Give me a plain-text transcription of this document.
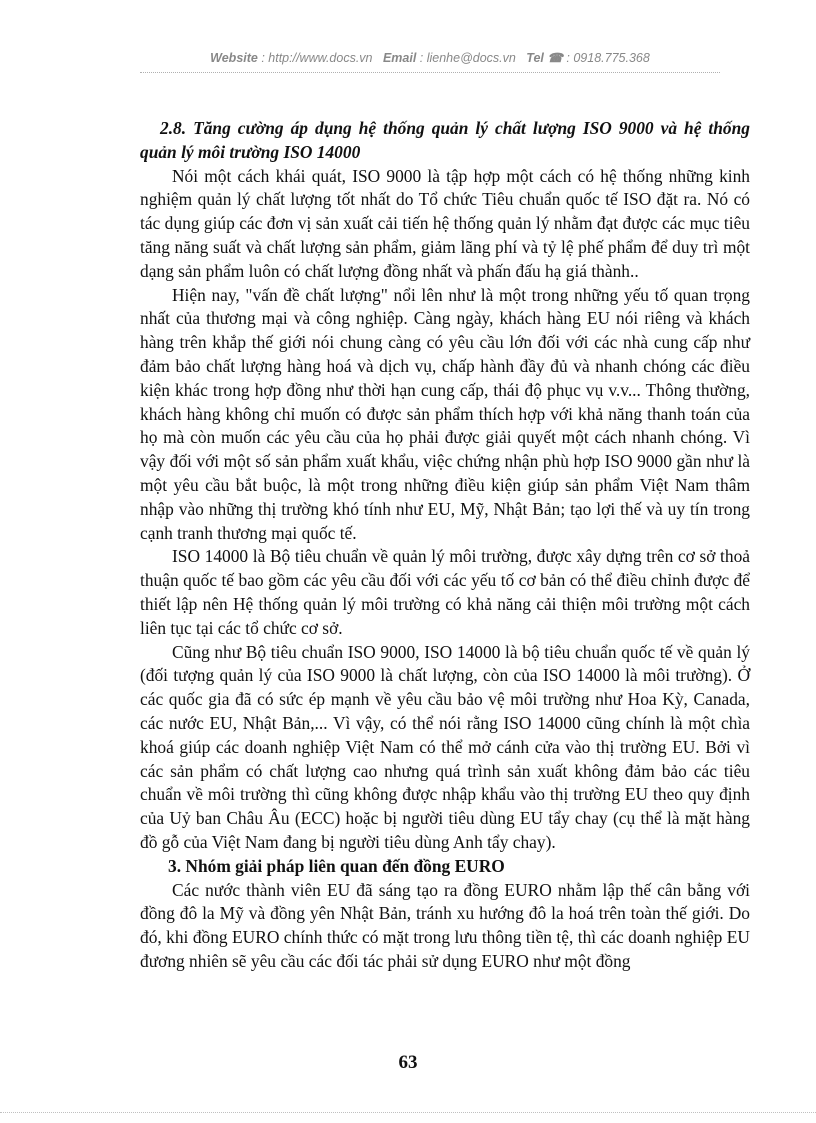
Website : http://www.docs.vn Email : lienhe@docs.vn Tel ☎ : 0918.775.368
2.8. Tăng cường áp dụng hệ thống quản lý chất lượng ISO 9000 và hệ thống quản lý môi trường ISO 14000

Nói một cách khái quát, ISO 9000 là tập hợp một cách có hệ thống những kinh nghiệm quản lý chất lượng tốt nhất do Tổ chức Tiêu chuẩn quốc tế ISO đặt ra. Nó có tác dụng giúp các đơn vị sản xuất cải tiến hệ thống quản lý nhằm đạt được các mục tiêu tăng năng suất và chất lượng sản phẩm, giảm lãng phí và tỷ lệ phế phẩm để duy trì một dạng sản phẩm luôn có chất lượng đồng nhất và phấn đấu hạ giá thành..

Hiện nay, "vấn đề chất lượng" nổi lên như là một trong những yếu tố quan trọng nhất của thương mại và công nghiệp. Càng ngày, khách hàng EU nói riêng và khách hàng trên khắp thế giới nói chung càng có yêu cầu lớn đối với các nhà cung cấp như đảm bảo chất lượng hàng hoá và dịch vụ, chấp hành đầy đủ và nhanh chóng các điều kiện khác trong hợp đồng như thời hạn cung cấp, thái độ phục vụ v.v... Thông thường, khách hàng không chỉ muốn có được sản phẩm thích hợp với khả năng thanh toán của họ mà còn muốn các yêu cầu của họ phải được giải quyết một cách nhanh chóng. Vì vậy đối với một số sản phẩm xuất khẩu, việc chứng nhận phù hợp ISO 9000 gần như là một yêu cầu bắt buộc, là một trong những điều kiện giúp sản phẩm Việt Nam thâm nhập vào những thị trường khó tính như EU, Mỹ, Nhật Bản; tạo lợi thế và uy tín trong cạnh tranh thương mại quốc tế.

ISO 14000 là Bộ tiêu chuẩn về quản lý môi trường, được xây dựng trên cơ sở thoả thuận quốc tế bao gồm các yêu cầu đối với các yếu tố cơ bản có thể điều chỉnh được để thiết lập nên Hệ thống quản lý môi trường có khả năng cải thiện môi trường một cách liên tục tại các tổ chức cơ sở.

Cũng như Bộ tiêu chuẩn ISO 9000, ISO 14000 là bộ tiêu chuẩn quốc tế về quản lý (đối tượng quản lý của ISO 9000 là chất lượng, còn của ISO 14000 là môi trường). Ở các quốc gia đã có sức ép mạnh về yêu cầu bảo vệ môi trường như Hoa Kỳ, Canada, các nước EU, Nhật Bản,... Vì vậy, có thể nói rằng ISO 14000 cũng chính là một chìa khoá giúp các doanh nghiệp Việt Nam có thể mở cánh cửa vào thị trường EU. Bởi vì các sản phẩm có chất lượng cao nhưng quá trình sản xuất không đảm bảo các tiêu chuẩn về môi trường thì cũng không được nhập khẩu vào thị trường EU theo quy định của Uỷ ban Châu Âu (ECC) hoặc bị người tiêu dùng EU tẩy chay (cụ thể là mặt hàng đồ gỗ của Việt Nam đang bị người tiêu dùng Anh tẩy chay).

3. Nhóm giải pháp liên quan đến đồng EURO

Các nước thành viên EU đã sáng tạo ra đồng EURO nhằm lập thế cân bằng với đồng đô la Mỹ và đồng yên Nhật Bản, tránh xu hướng đô la hoá trên toàn thế giới. Do đó, khi đồng EURO chính thức có mặt trong lưu thông tiền tệ, thì các doanh nghiệp EU đương nhiên sẽ yêu cầu các đối tác phải sử dụng EURO như một đồng

63
